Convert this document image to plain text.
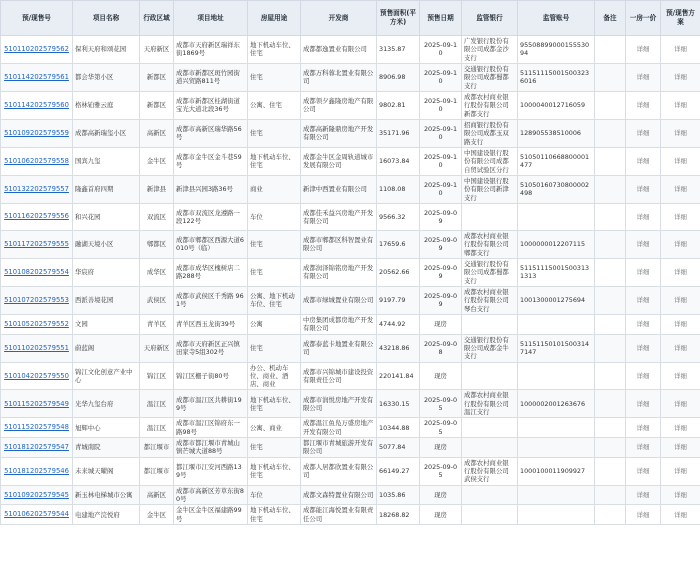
预/现售号	项目名称	行政区域	项目地址	房屋用途	开发商	预售面积(平方米)	预售日期	监管银行	监管账号	备注	一房一价	预/现售方案
510110202579562	保利天府和颂花园	天府新区	成都市天府新区瑞祥东街1869号	地下机动车位、住宅	成都都逸置业有限公司	3135.87	2025-09-10	广发银行股份有限公司成都金沙支行	9550889900015553094		详细	详细
510114202579561	都会华第小区	新都区	成都市新都区斑竹园街道兴贸路811号	住宅	成都万科蓉北置业有限公司	8906.98	2025-09-10	交通银行股份有限公司成都蜀都支行	511511150015003236016		详细	详细
510114202579560	格林铂雅云庭	新都区	成都市新都区桂湖街道宝光大道北段36号	公寓、住宅	成都领夕鑫隆房地产有限公司	9802.81	2025-09-10	成都农村商业银行股份有限公司新都支行	1000040012716059		详细	详细
510109202579559	成都高新瑞玺小区	高新区	成都市高新区瑞华路56号	住宅	成都高新隆鼎房地产开发有限公司	35171.96	2025-09-10	招商银行股份有限公司成都玉双路支行	128905538510006		详细	详细
510106202579558	国宾九玺	金牛区	成都市金牛区金斗巷59号	地下机动车位、住宅	成都金牛区金周轨道城市发展有限公司	16073.84	2025-09-10	中国建设银行股份有限公司成都自贸试验区分行	51050110668800001477		详细	详细
510132202579557	隆鑫首府四期	新津县	新津县兴园3路36号	商业	新津中西置业有限公司	1108.08	2025-09-10	中国建设银行股份有限公司新津支行	51050160730800002498		详细	详细
510116202579556	和兴花园	双流区	成都市双流区龙遵路一段122号	车位	成都佳禾益兴房地产开发有限公司	9566.32	2025-09-09				详细	详细
510117202579555	融湖天境小区	郫都区	成都市郫都区西源大道6010号（临）	住宅	成都市郫都区科智置业有限公司	17659.6	2025-09-09	成都农村商业银行股份有限公司郫都支行	1000000012207115		详细	详细
510108202579554	华宸府	成华区	成都市成华区槐树店二路288号	住宅	成都润泽锦铭房地产开发有限公司	20562.66	2025-09-09	交通银行股份有限公司成都蜀都支行	511511150015003131313		详细	详细
510107202579553	西派善境花园	武侯区	成都市武侯区千秀路 961号	公寓、地下机动车位、住宅	成都市绿城置业有限公司	9197.79	2025-09-09	成都农村商业银行股份有限公司琴台支行	1001300001275694		详细	详细
510105202579552	文园	青羊区	青羊区西玉龙街39号	公寓	中房集团成都房地产开发有限公司	4744.92	现房				详细	详细
510110202579551	蔚蓝阁	天府新区	成都市天府新区正兴镇田家寺5组302号	住宅	成都泰蓝卡地置业有限公司	43218.86	2025-09-08	交通银行股份有限公司成都金牛支行	511511501015003147147		详细	详细
510104202579550	锦江文化创意产业中心	锦江区	锦江区栅子街80号	办公、机动车位、商业、酒店、商业	成都市兴锦城市建设投资有限责任公司	220141.84	现房				详细	详细
510115202579549	光华九玺台府	温江区	成都市温江区共耕街199号	地下机动车位、住宅	成都市润悦房地产开发有限公司	16330.15	2025-09-05	成都农村商业银行股份有限公司温江支行	1000002001263676		详细	详细
510115202579548	旭辉中心	温江区	成都市温江区锦府东一路98号	公寓、商业	成都温江鱼凫万盛房地产开发有限公司	10344.88	2025-09-05				详细	详细
510181202579547	青城南院	都江堰市	成都市都江堰市青城山镇芒城大道88号	住宅	都江堰市青城旅游开发有限公司	5077.84	现房				详细	详细
510181202579546	未来城天曜阁	都江堰市	都江堰市江安河西路139号	地下机动车位、住宅	成都人居都欣置业有限公司	66149.27	2025-09-05	成都农村商业银行股份有限公司武侯支行	1000100011909927		详细	详细
510109202579545	新玉林电梯城市公寓	高新区	成都市高新区芳草东街80号	车位	成都文森特置业有限公司	1035.86	现房				详细	详细
510106202579544	电建地产浣悦府	金牛区	金牛区金牛区福建路99号	地下机动车位、住宅	成都能江海悦置业有限责任公司	18268.82	现房				详细	详细
